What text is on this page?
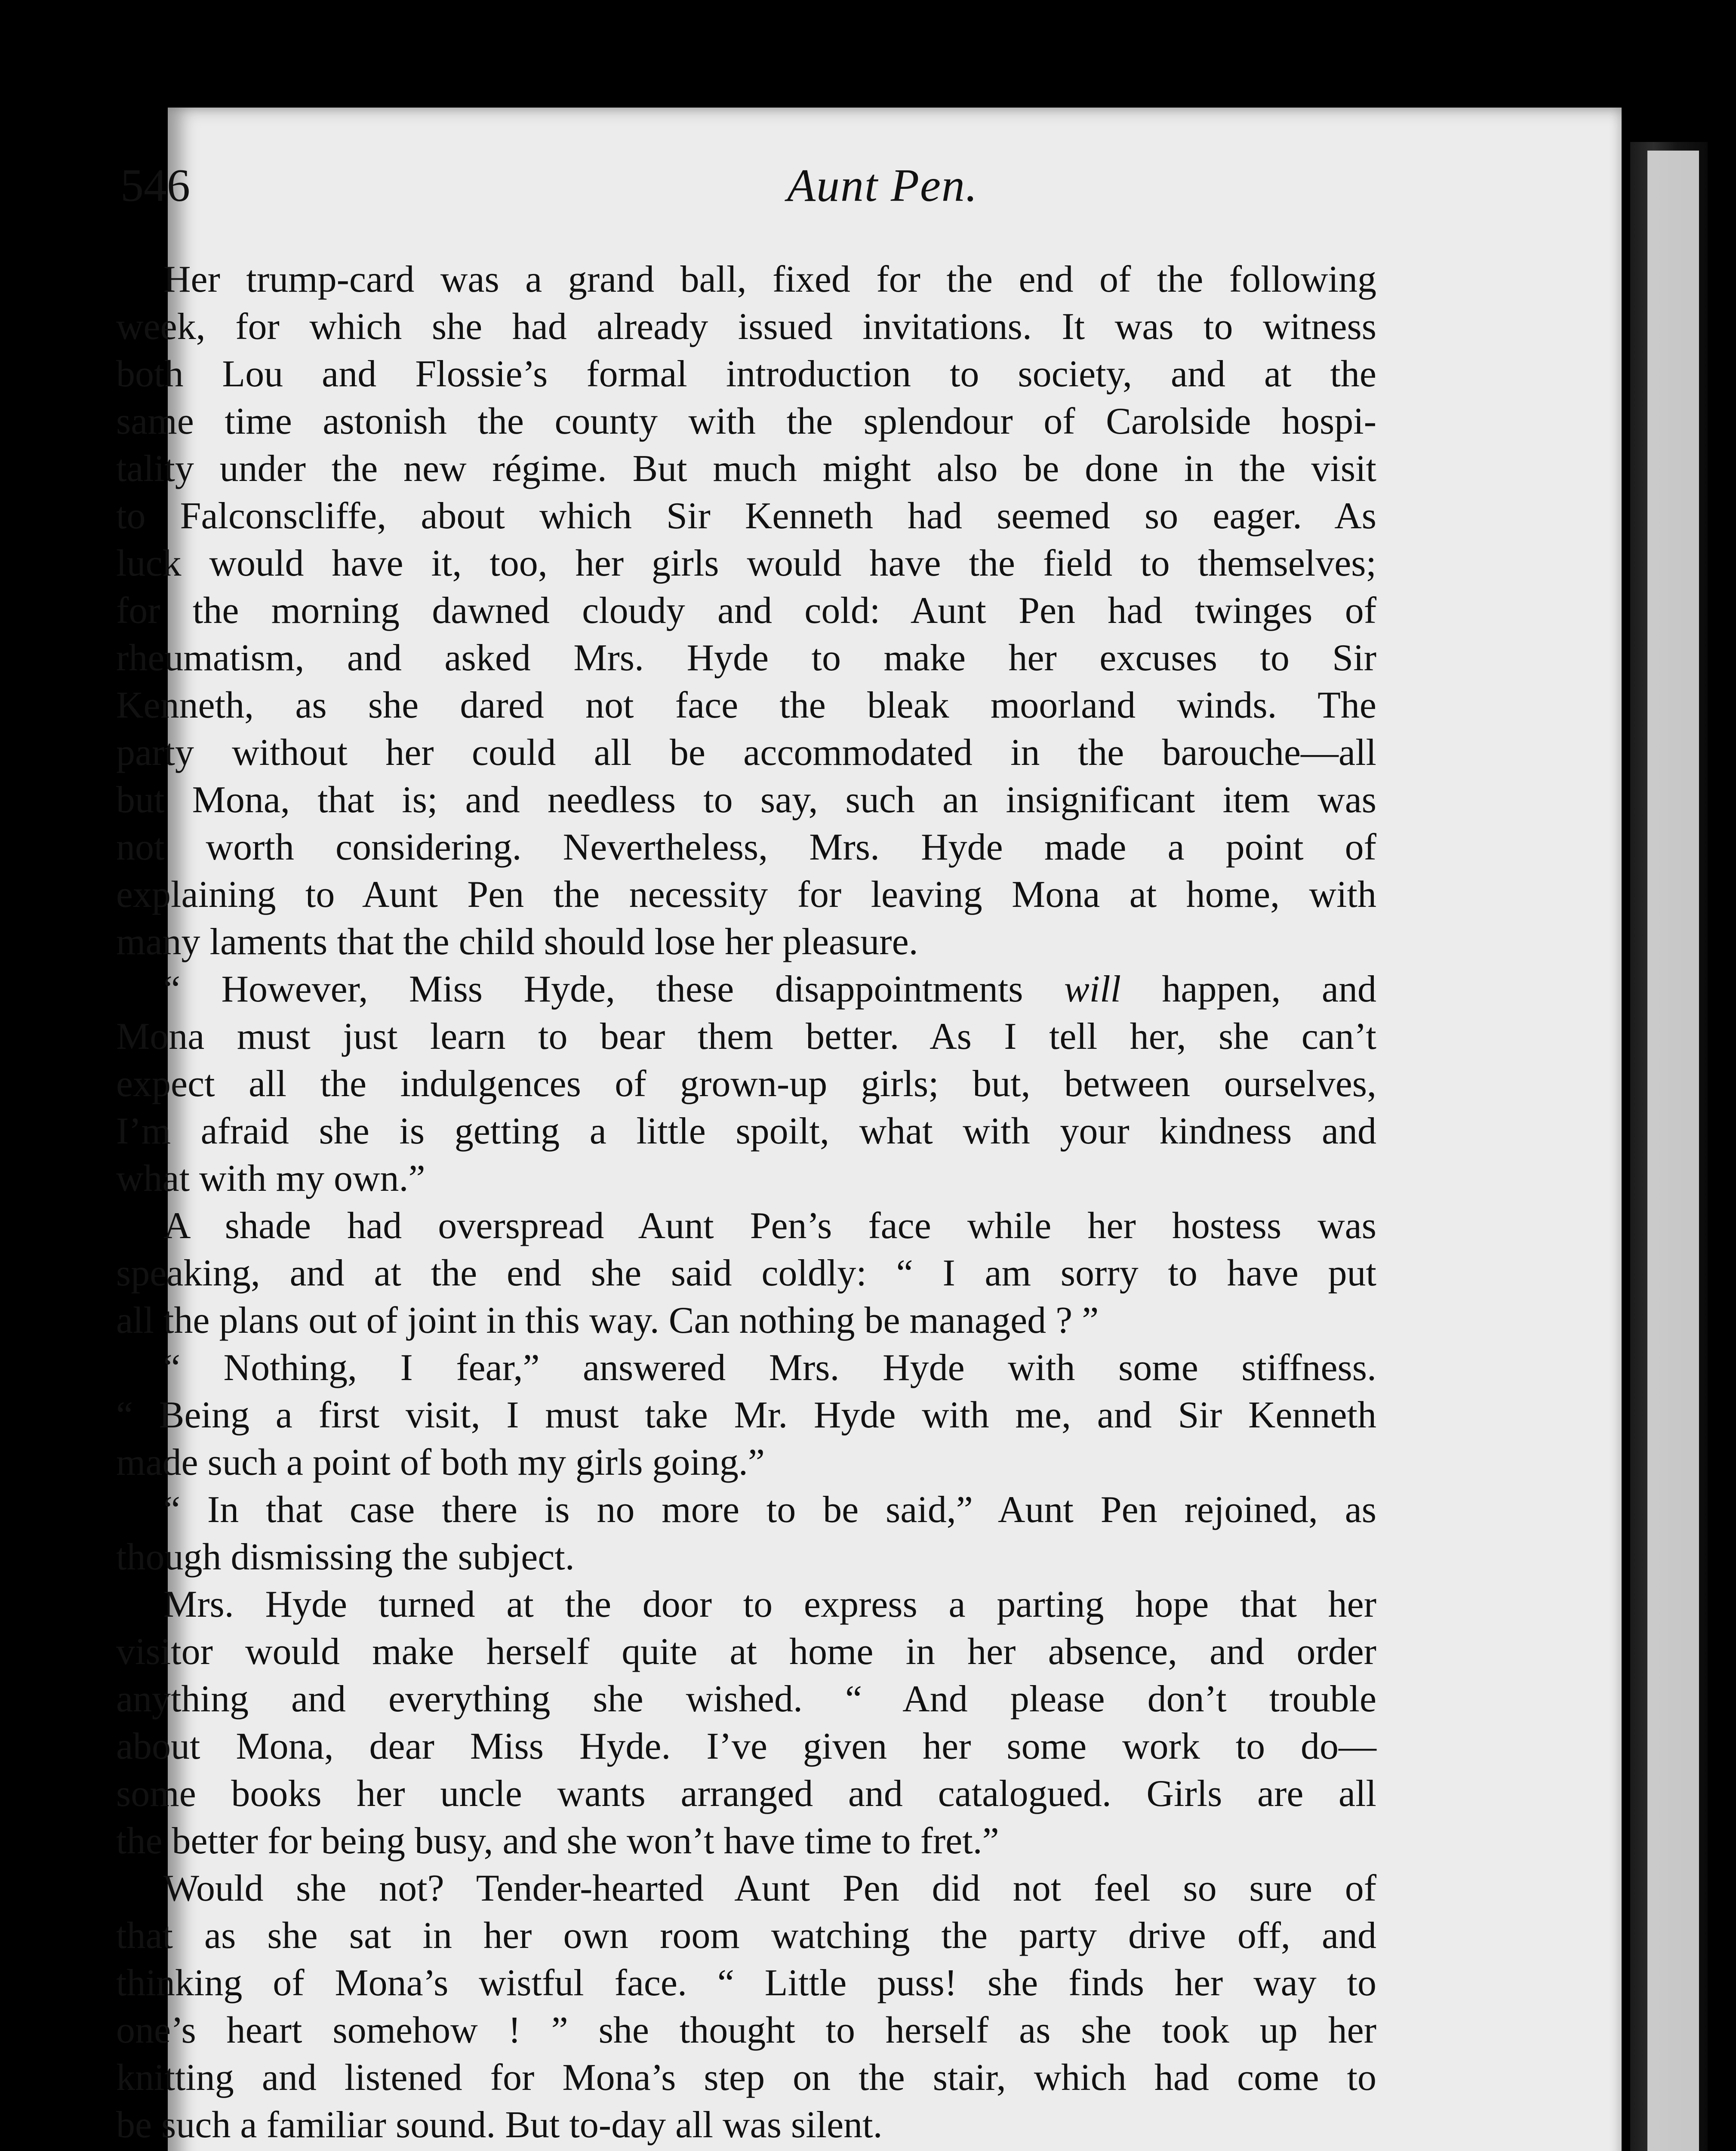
546	Aunt Pen.
Her trump-card was a grand ball, fixed for the end of the following
week, for which she had already issued invitations. It was to witness
both Lou and Flossie’s formal introduction to society, and at the
same time astonish the county with the splendour of Carolside hospi-
tality under the new régime. But much might also be done in the visit
to Falconscliffe, about which Sir Kenneth had seemed so eager. As
luck would have it, too, her girls would have the field to themselves;
for the morning dawned cloudy and cold: Aunt Pen had twinges of
rheumatism, and asked Mrs. Hyde to make her excuses to Sir
Kenneth, as she dared not face the bleak moorland winds. The
party without her could all be accommodated in the barouche—all
but Mona, that is; and needless to say, such an insignificant item was
not worth considering. Nevertheless, Mrs. Hyde made a point of
explaining to Aunt Pen the necessity for leaving Mona at home, with
many laments that the child should lose her pleasure.
“ However, Miss Hyde, these disappointments will happen, and
Mona must just learn to bear them better. As I tell her, she can’t
expect all the indulgences of grown-up girls; but, between ourselves,
I’m afraid she is getting a little spoilt, what with your kindness and
what with my own.”
A shade had overspread Aunt Pen’s face while her hostess was
speaking, and at the end she said coldly: “ I am sorry to have put
all the plans out of joint in this way. Can nothing be managed ? ”
“ Nothing, I fear,” answered Mrs. Hyde with some stiffness.
“ Being a first visit, I must take Mr. Hyde with me, and Sir Kenneth
made such a point of both my girls going.”
“ In that case there is no more to be said,” Aunt Pen rejoined, as
though dismissing the subject.
Mrs. Hyde turned at the door to express a parting hope that her
visitor would make herself quite at home in her absence, and order
anything and everything she wished. “ And please don’t trouble
about Mona, dear Miss Hyde. I’ve given her some work to do—
some books her uncle wants arranged and catalogued. Girls are all
the better for being busy, and she won’t have time to fret.”
Would she not? Tender-hearted Aunt Pen did not feel so sure of
that as she sat in her own room watching the party drive off, and
thinking of Mona’s wistful face. “ Little puss! she finds her way to
one’s heart somehow ! ” she thought to herself as she took up her
knitting and listened for Mona’s step on the stair, which had come to
be such a familiar sound. But to-day all was silent.
